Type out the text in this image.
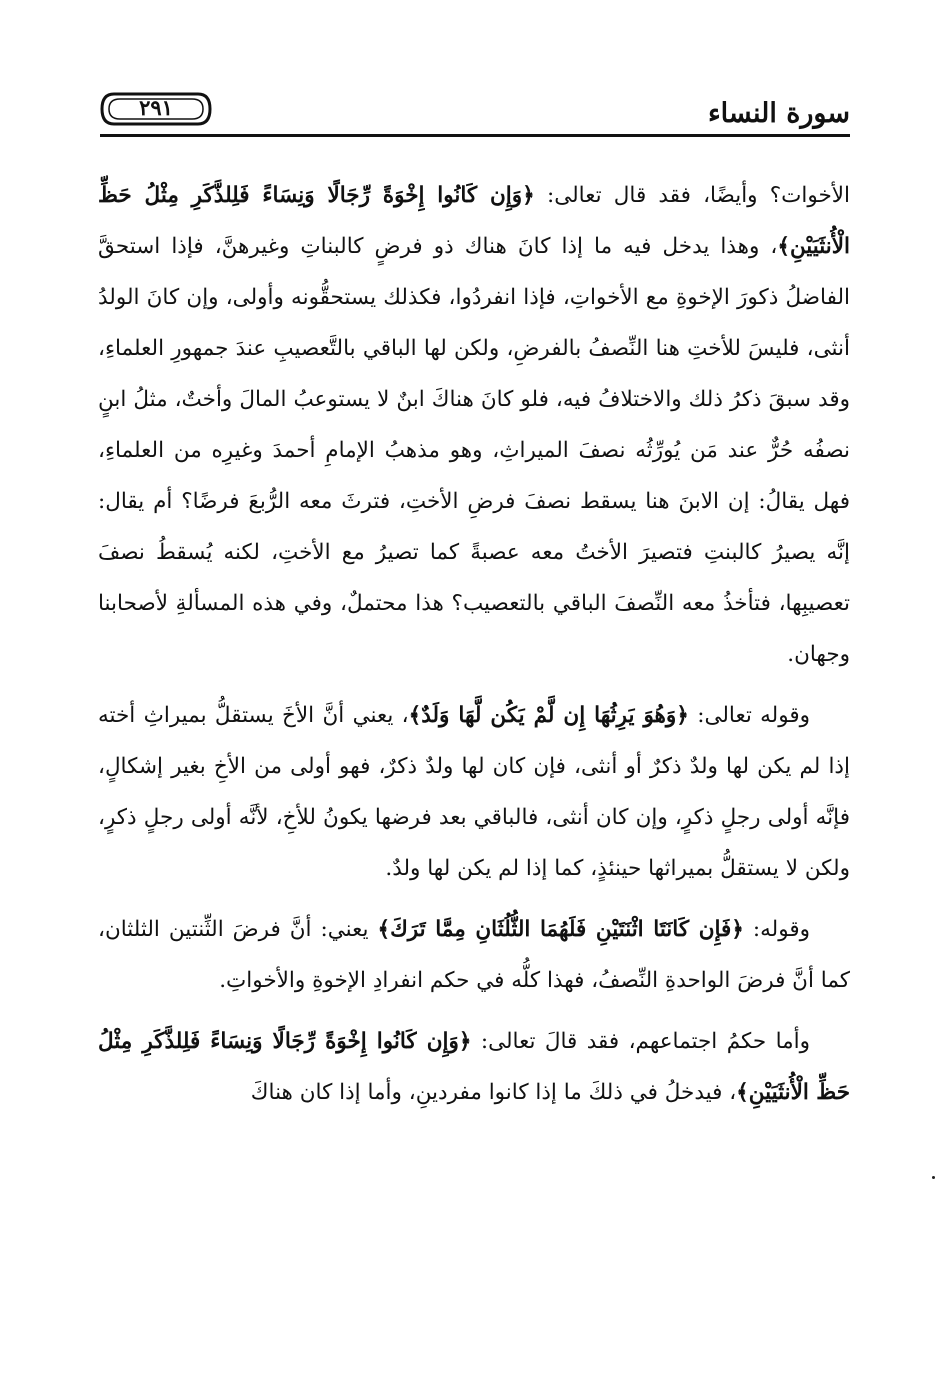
سورة النساء
٢٩١

الأخوات؟ وأيضًا، فقد قال تعالى: ﴿وَإِن كَانُوا إِخْوَةً رِّجَالًا وَنِسَاءً فَلِلذَّكَرِ مِثْلُ حَظِّ الْأُنثَيَيْنِ﴾، وهذا يدخل فيه ما إذا كانَ هناك ذو فرضٍ كالبناتِ وغيرهنَّ، فإذا استحقَّ الفاضلُ ذكورَ الإخوةِ مع الأخواتِ، فإذا انفردُوا، فكذلك يستحقُّونه وأولى، وإن كانَ الولدُ أنثى، فليسَ للأختِ هنا النِّصفُ بالفرضِ، ولكن لها الباقي بالتَّعصيبِ عندَ جمهورِ العلماءِ، وقد سبقَ ذكرُ ذلك والاختلافُ فيه، فلو كانَ هناكَ ابنٌ لا يستوعبُ المالَ وأختٌ، مثلُ ابنٍ نصفُه حُرٌّ عند مَن يُورِّثُه نصفَ الميراثِ، وهو مذهبُ الإمامِ أحمدَ وغيرِه من العلماءِ، فهل يقالُ: إن الابنَ هنا يسقط نصفَ فرضِ الأختِ، فترثَ معه الرُّبعَ فرضًا؟ أم يقال: إنَّه يصيرُ كالبنتِ فتصيرَ الأختُ معه عصبةً كما تصيرُ مع الأختِ، لكنه يُسقطُ نصفَ تعصيبِها، فتأخذُ معه النِّصفَ الباقي بالتعصيب؟ هذا محتملٌ، وفي هذه المسألةِ لأصحابنا وجهان.

وقوله تعالى: ﴿وَهُوَ يَرِثُهَا إِن لَّمْ يَكُن لَّهَا وَلَدٌ﴾، يعني أنَّ الأخَ يستقلُّ بميراثِ أخته إذا لم يكن لها ولدٌ ذكرٌ أو أنثى، فإن كان لها ولدٌ ذكرٌ، فهو أولى من الأخِ بغير إشكالٍ، فإنَّه أولى رجلٍ ذكرٍ، وإن كان أنثى، فالباقي بعد فرضها يكونُ للأخِ، لأنَّه أولى رجلٍ ذكرٍ، ولكن لا يستقلُّ بميراثها حينئذٍ، كما إذا لم يكن لها ولدٌ.

وقوله: ﴿فَإِن كَانَتَا اثْنَتَيْنِ فَلَهُمَا الثُّلُثَانِ مِمَّا تَرَكَ﴾ يعني: أنَّ فرضَ الثِّنتين الثلثان، كما أنَّ فرضَ الواحدةِ النِّصفُ، فهذا كلُّه في حكم انفرادِ الإخوةِ والأخواتِ.

وأما حكمُ اجتماعهم، فقد قالَ تعالى: ﴿وَإِن كَانُوا إِخْوَةً رِّجَالًا وَنِسَاءً فَلِلذَّكَرِ مِثْلُ حَظِّ الْأُنثَيَيْنِ﴾، فيدخلُ في ذلكَ ما إذا كانوا مفردينِ، وأما إذا كان هناكَ
